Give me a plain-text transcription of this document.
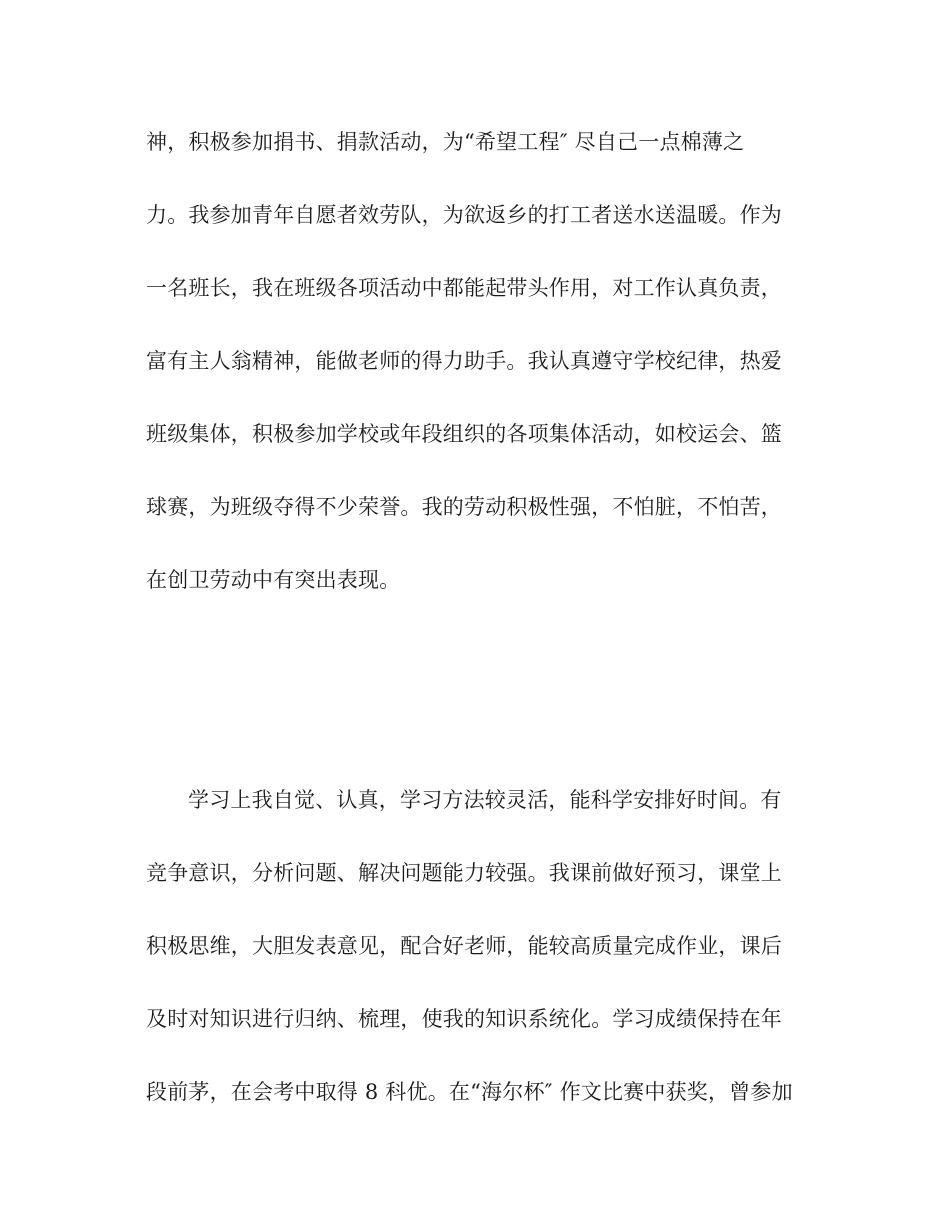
神，积极参加捐书、捐款活动，为“希望工程″ 尽自己一点棉薄之
力。我参加青年自愿者效劳队，为欲返乡的打工者送水送温暖。作为
一名班长，我在班级各项活动中都能起带头作用，对工作认真负责，
富有主人翁精神，能做老师的得力助手。我认真遵守学校纪律，热爱
班级集体，积极参加学校或年段组织的各项集体活动，如校运会、篮
球赛，为班级夺得不少荣誉。我的劳动积极性强，不怕脏，不怕苦，
在创卫劳动中有突出表现。
学习上我自觉、认真，学习方法较灵活，能科学安排好时间。有
竞争意识，分析问题、解决问题能力较强。我课前做好预习，课堂上
积极思维，大胆发表意见，配合好老师，能较高质量完成作业，课后
及时对知识进行归纳、梳理，使我的知识系统化。学习成绩保持在年
段前茅，在会考中取得 8 科优。在“海尔杯″ 作文比赛中获奖，曾参加
